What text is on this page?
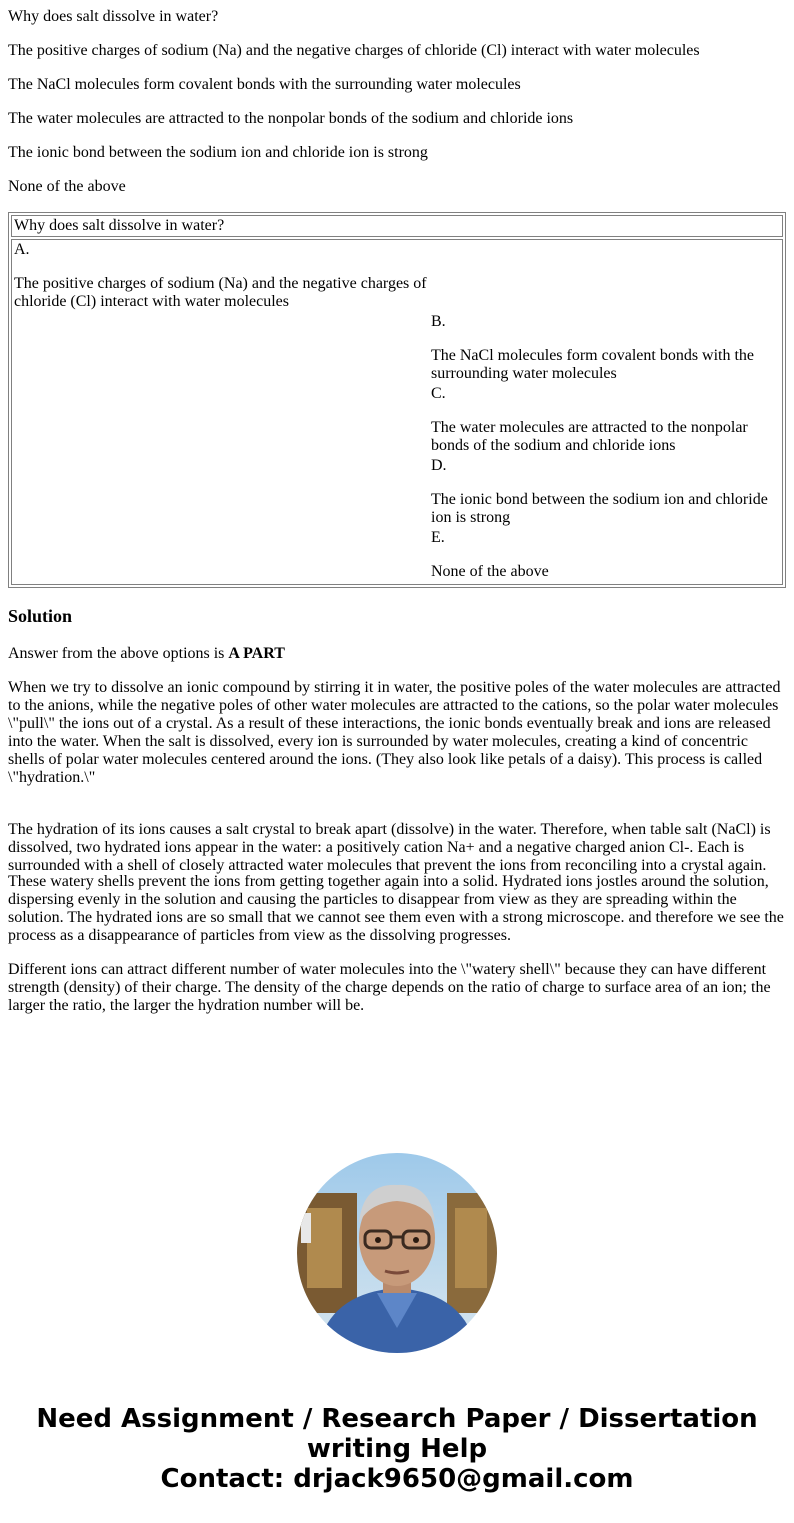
Why does salt dissolve in water?

The positive charges of sodium (Na) and the negative charges of chloride (Cl) interact with water molecules

The NaCl molecules form covalent bonds with the surrounding water molecules

The water molecules are attracted to the nonpolar bonds of the sodium and chloride ions

The ionic bond between the sodium ion and chloride ion is strong

None of the above

Why does salt dissolve in water?

A.
The positive charges of sodium (Na) and the negative charges of chloride (Cl) interact with water molecules
B.
The NaCl molecules form covalent bonds with the surrounding water molecules
C.
The water molecules are attracted to the nonpolar bonds of the sodium and chloride ions
D.
The ionic bond between the sodium ion and chloride ion is strong
E.
None of the above
Solution

Answer from the above options is A PART

When we try to dissolve an ionic compound by stirring it in water, the positive poles of the water molecules are attracted to the anions, while the negative poles of other water molecules are attracted to the cations, so the polar water molecules \"pull\" the ions out of a crystal. As a result of these interactions, the ionic bonds eventually break and ions are released into the water. When the salt is dissolved, every ion is surrounded by water molecules, creating a kind of concentric shells of polar water molecules centered around the ions. (They also look like petals of a daisy). This process is called \"hydration.\"

The hydration of its ions causes a salt crystal to break apart (dissolve) in the water. Therefore, when table salt (NaCl) is dissolved, two hydrated ions appear in the water: a positively cation Na+ and a negative charged anion Cl-. Each is surrounded with a shell of closely attracted water molecules that prevent the ions from reconciling into a crystal again.

These watery shells prevent the ions from getting together again into a solid. Hydrated ions jostles around the solution, dispersing evenly in the solution and causing the particles to disappear from view as they are spreading within the solution. The hydrated ions are so small that we cannot see them even with a strong microscope. and therefore we see the process as a disappearance of particles from view as the dissolving progresses.

Different ions can attract different number of water molecules into the \"watery shell\" because they can have different strength (density) of their charge. The density of the charge depends on the ratio of charge to surface area of an ion; the larger the ratio, the larger the hydration number will be.

Need Assignment / Research Paper / Dissertation
writing Help
Contact: drjack9650@gmail.com
